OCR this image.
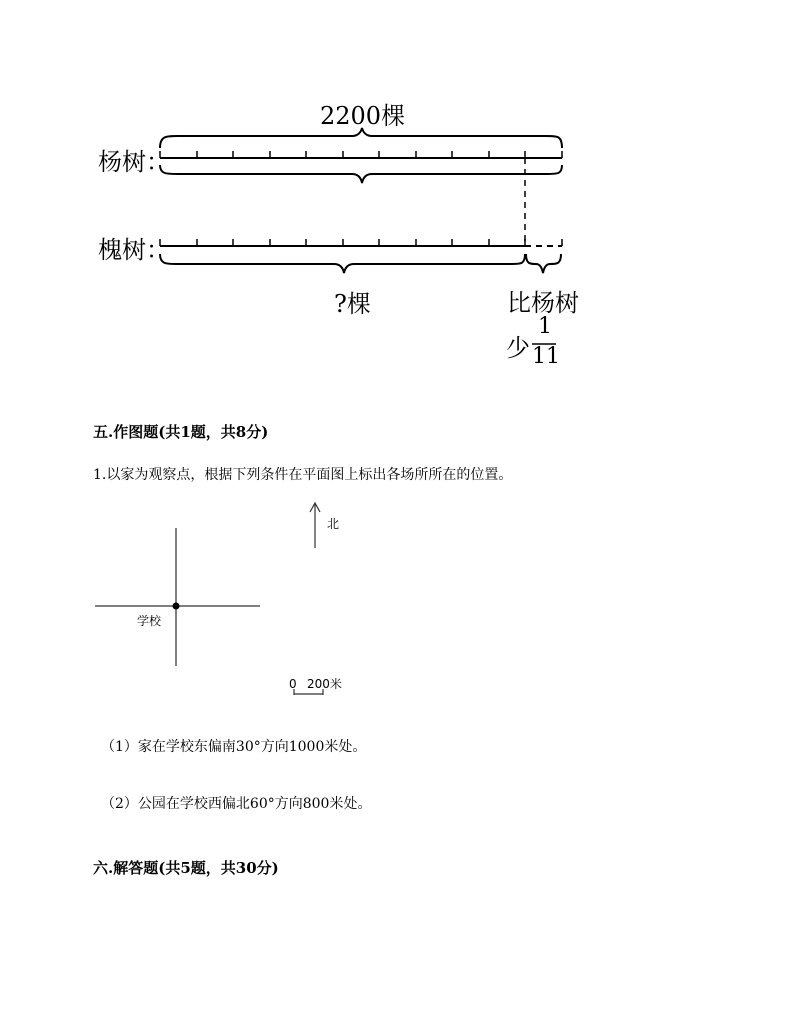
2200棵
杨树：
槐树：
?棵	比杨树
少
1
11
五.作图题(共1题，共8分)
1.以家为观察点，根据下列条件在平面图上标出各场所所在的位置。
北
学校
0 200米
（1）家在学校东偏南30°方向1000米处。
（2）公园在学校西偏北60°方向800米处。
六.解答题(共5题，共30分)
